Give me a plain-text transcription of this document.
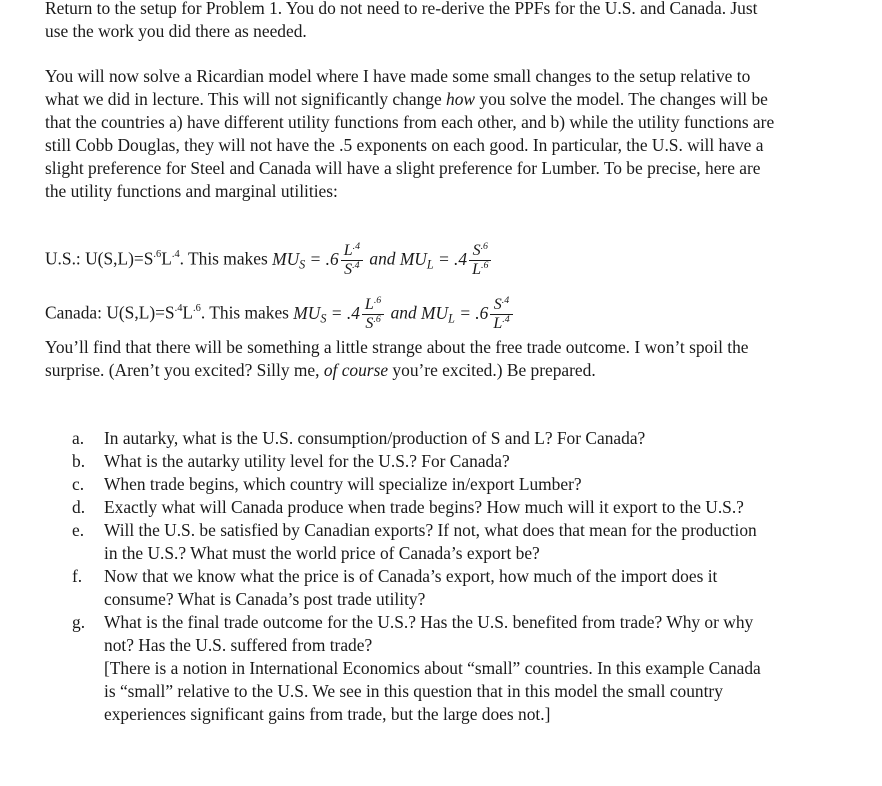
Return to the setup for Problem 1. You do not need to re-derive the PPFs for the U.S. and Canada. Just use the work you did there as needed.
You will now solve a Ricardian model where I have made some small changes to the setup relative to what we did in lecture. This will not significantly change how you solve the model. The changes will be that the countries a) have different utility functions from each other, and b) while the utility functions are still Cobb Douglas, they will not have the .5 exponents on each good. In particular, the U.S. will have a slight preference for Steel and Canada will have a slight preference for Lumber. To be precise, here are the utility functions and marginal utilities:
U.S.: $U(S,L)=S^{.6}L^{.4}$. This makes $MU_S = .6 \frac{L^{.4}}{S^{.4}}$ and $MU_L = .4 \frac{S^{.6}}{L^{.6}}$
Canada: $U(S,L)=S^{.4}L^{.6}$. This makes $MU_S = .4 \frac{L^{.6}}{S^{.6}}$ and $MU_L = .6 \frac{S^{.4}}{L^{.4}}$
You’ll find that there will be something a little strange about the free trade outcome. I won’t spoil the surprise. (Aren’t you excited? Silly me, of course you’re excited.) Be prepared.
a. In autarky, what is the U.S. consumption/production of S and L? For Canada?
b. What is the autarky utility level for the U.S.? For Canada?
c. When trade begins, which country will specialize in/export Lumber?
d. Exactly what will Canada produce when trade begins? How much will it export to the U.S.?
e. Will the U.S. be satisfied by Canadian exports? If not, what does that mean for the production in the U.S.? What must the world price of Canada’s export be?
f. Now that we know what the price is of Canada’s export, how much of the import does it consume? What is Canada’s post trade utility?
g. What is the final trade outcome for the U.S.? Has the U.S. benefited from trade? Why or why not? Has the U.S. suffered from trade?
[There is a notion in International Economics about “small” countries. In this example Canada is “small” relative to the U.S. We see in this question that in this model the small country experiences significant gains from trade, but the large does not.]
